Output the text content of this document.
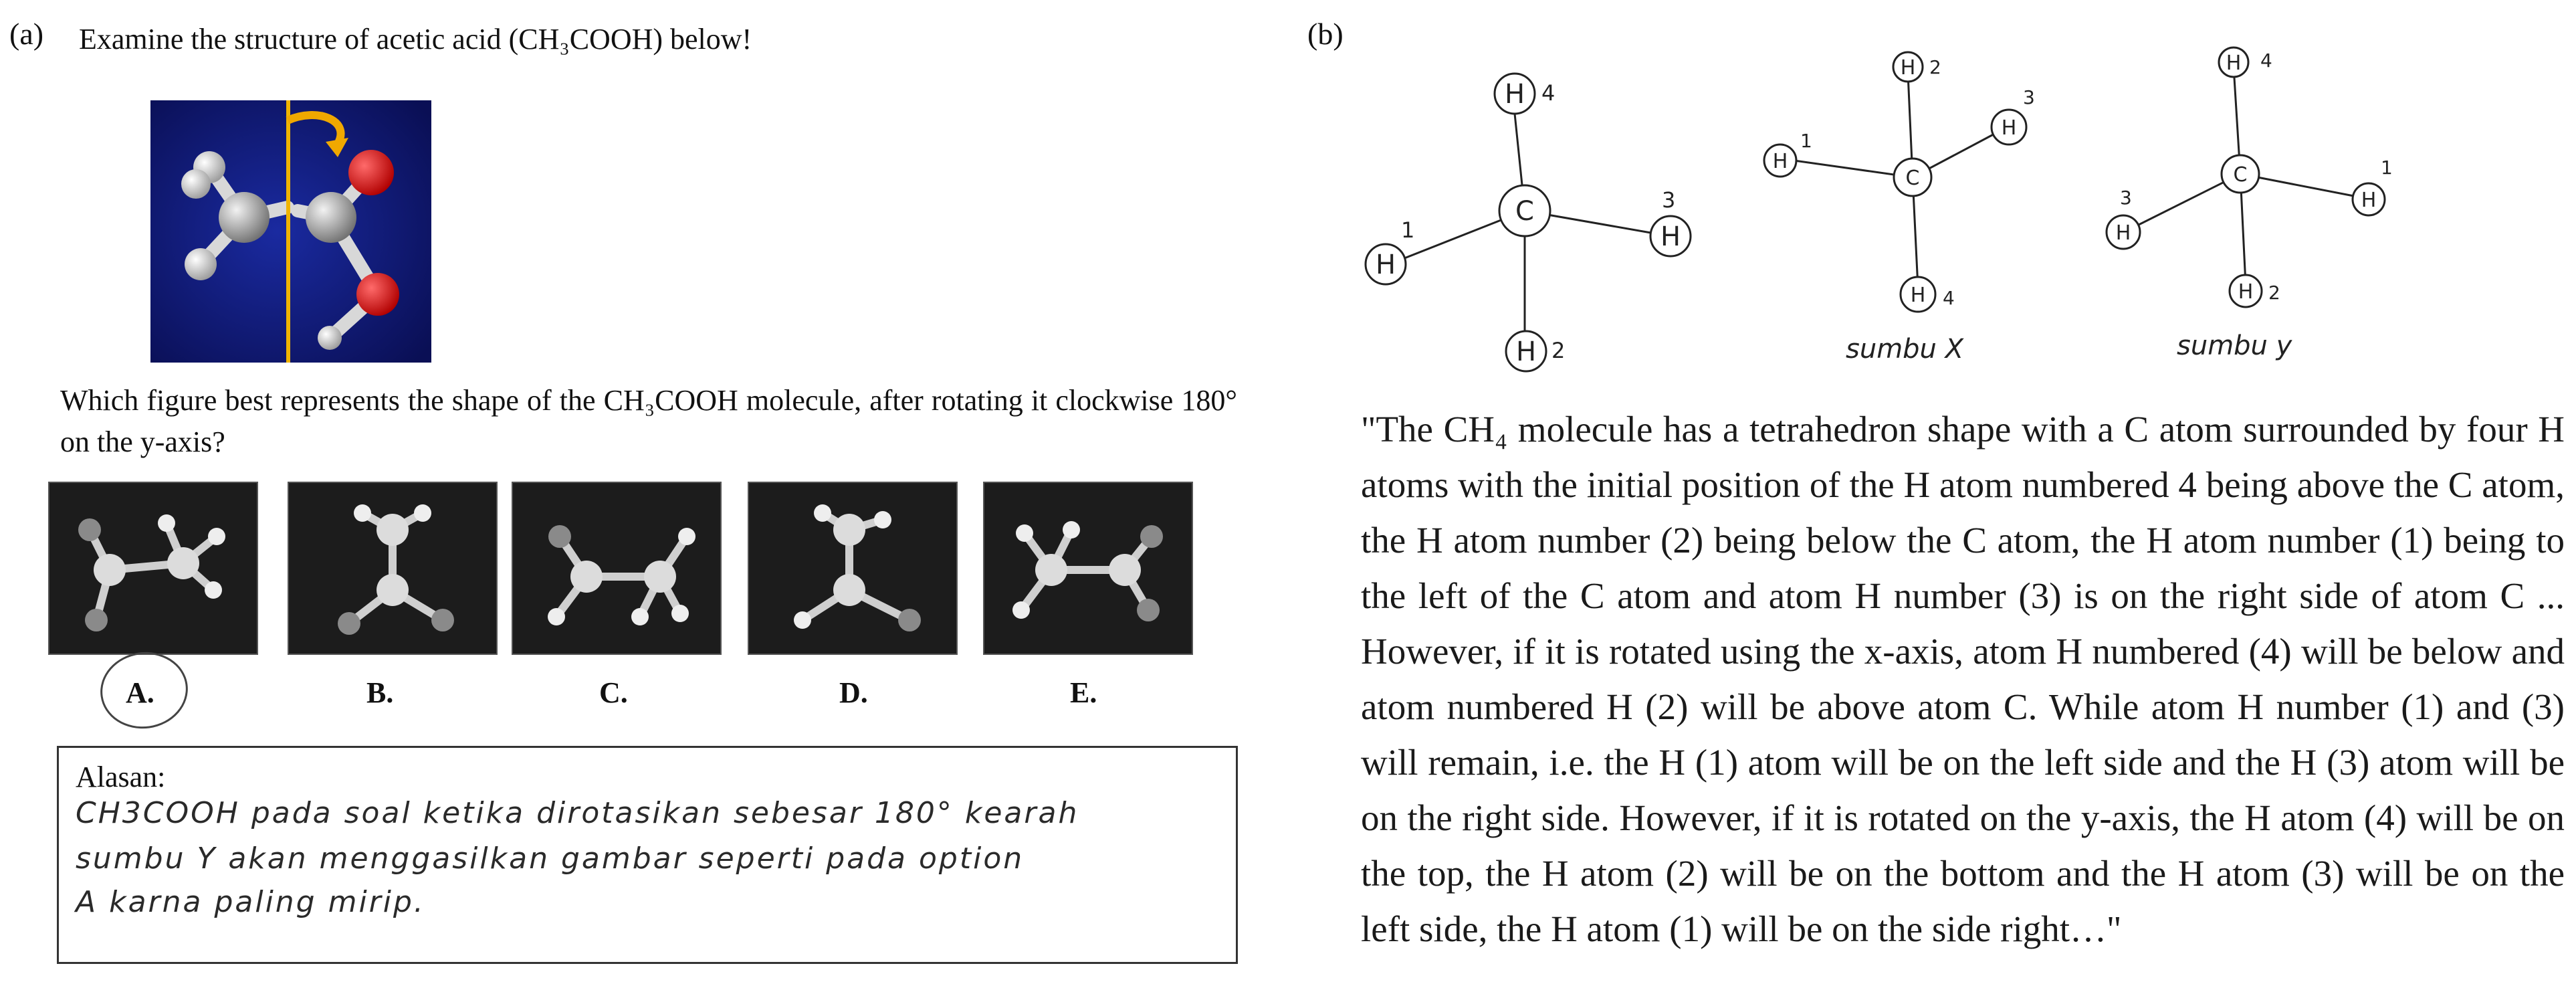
(a) Examine the structure of acetic acid (CH₃COOH) below!
Which figure best represents the shape of the CH₃COOH molecule, after rotating it clockwise 180° on the y-axis?
A.	B.	C.	D.	E.
Alasan:
CH3COOH pada soal ketika dirotasikan sebesar 180° kearah
sumbu Y akan menggasilkan gambar seperti pada option
A karna paling mirip.
(b)
C
H
H
H
H
4
1
3
2
C
H
H
H
H
2
1
3
4
sumbu X
C
H
H
H
H
4
3
1
2
sumbu y
"The CH₄ molecule has a tetrahedron shape with a C atom surrounded by four H atoms with the initial position of the H atom numbered 4 being above the C atom, the H atom number (2) being below the C atom, the H atom number (1) being to the left of the C atom and atom H number (3) is on the right side of atom C ... However, if it is rotated using the x-axis, atom H numbered (4) will be below and atom numbered H (2) will be above atom C. While atom H number (1) and (3) will remain, i.e. the H (1) atom will be on the left side and the H (3) atom will be on the right side. However, if it is rotated on the y-axis, the H atom (4) will be on the top, the H atom (2) will be on the bottom and the H atom (3) will be on the left side, the H atom (1) will be on the side right…"
